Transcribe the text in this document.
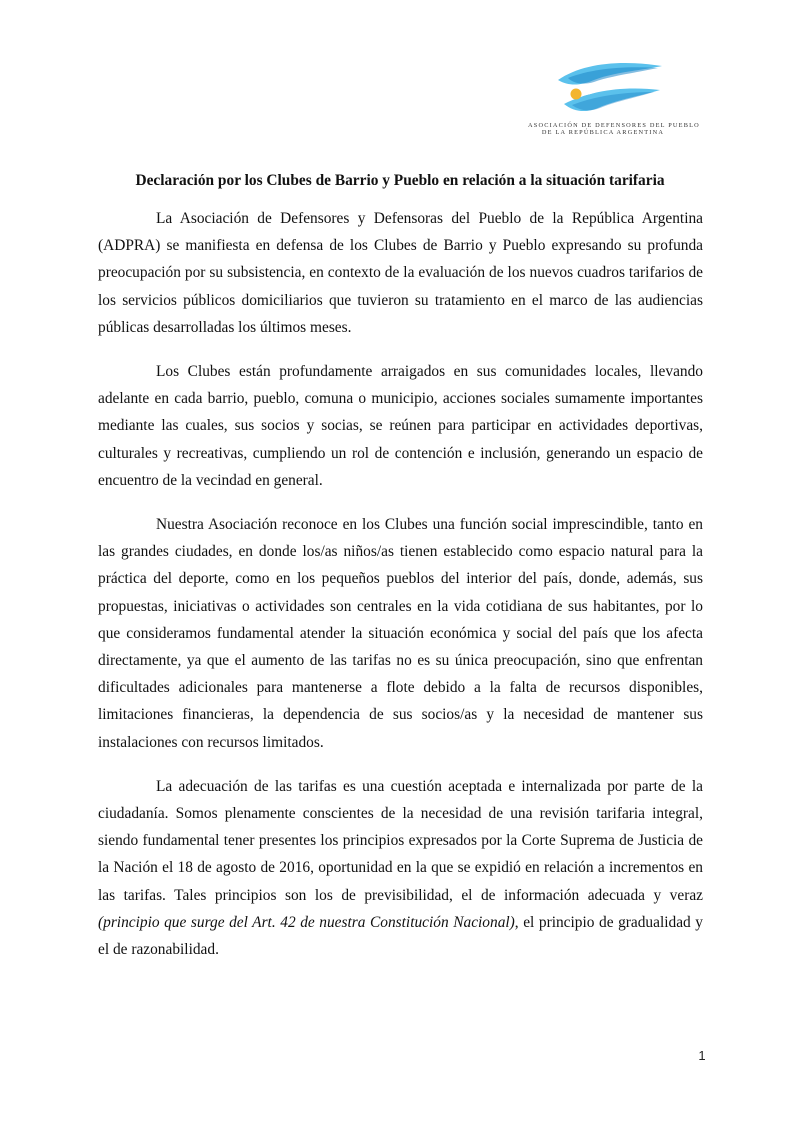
ASOCIACIÓN DE DEFENSORES DEL PUEBLO
DE LA REPÚBLICA ARGENTINA
Declaración por los Clubes de Barrio y Pueblo en relación a la situación tarifaria

La Asociación de Defensores y Defensoras del Pueblo de la República Argentina (ADPRA) se manifiesta en defensa de los Clubes de Barrio y Pueblo expresando su profunda preocupación por su subsistencia, en contexto de la evaluación de los nuevos cuadros tarifarios de los servicios públicos domiciliarios que tuvieron su tratamiento en el marco de las audiencias públicas desarrolladas los últimos meses.

Los Clubes están profundamente arraigados en sus comunidades locales, llevando adelante en cada barrio, pueblo, comuna o municipio, acciones sociales sumamente importantes mediante las cuales, sus socios y socias, se reúnen para participar en actividades deportivas, culturales y recreativas, cumpliendo un rol de contención e inclusión, generando un espacio de encuentro de la vecindad en general.

Nuestra Asociación reconoce en los Clubes una función social imprescindible, tanto en las grandes ciudades, en donde los/as niños/as tienen establecido como espacio natural para la práctica del deporte, como en los pequeños pueblos del interior del país, donde, además, sus propuestas, iniciativas o actividades son centrales en la vida cotidiana de sus habitantes, por lo que consideramos fundamental atender la situación económica y social del país que los afecta directamente, ya que el aumento de las tarifas no es su única preocupación, sino que enfrentan dificultades adicionales para mantenerse a flote debido a la falta de recursos disponibles, limitaciones financieras, la dependencia de sus socios/as y la necesidad de mantener sus instalaciones con recursos limitados.

La adecuación de las tarifas es una cuestión aceptada e internalizada por parte de la ciudadanía. Somos plenamente conscientes de la necesidad de una revisión tarifaria integral, siendo fundamental tener presentes los principios expresados por la Corte Suprema de Justicia de la Nación el 18 de agosto de 2016, oportunidad en la que se expidió en relación a incrementos en las tarifas. Tales principios son los de previsibilidad, el de información adecuada y veraz (principio que surge del Art. 42 de nuestra Constitución Nacional), el principio de gradualidad y el de razonabilidad.

1
